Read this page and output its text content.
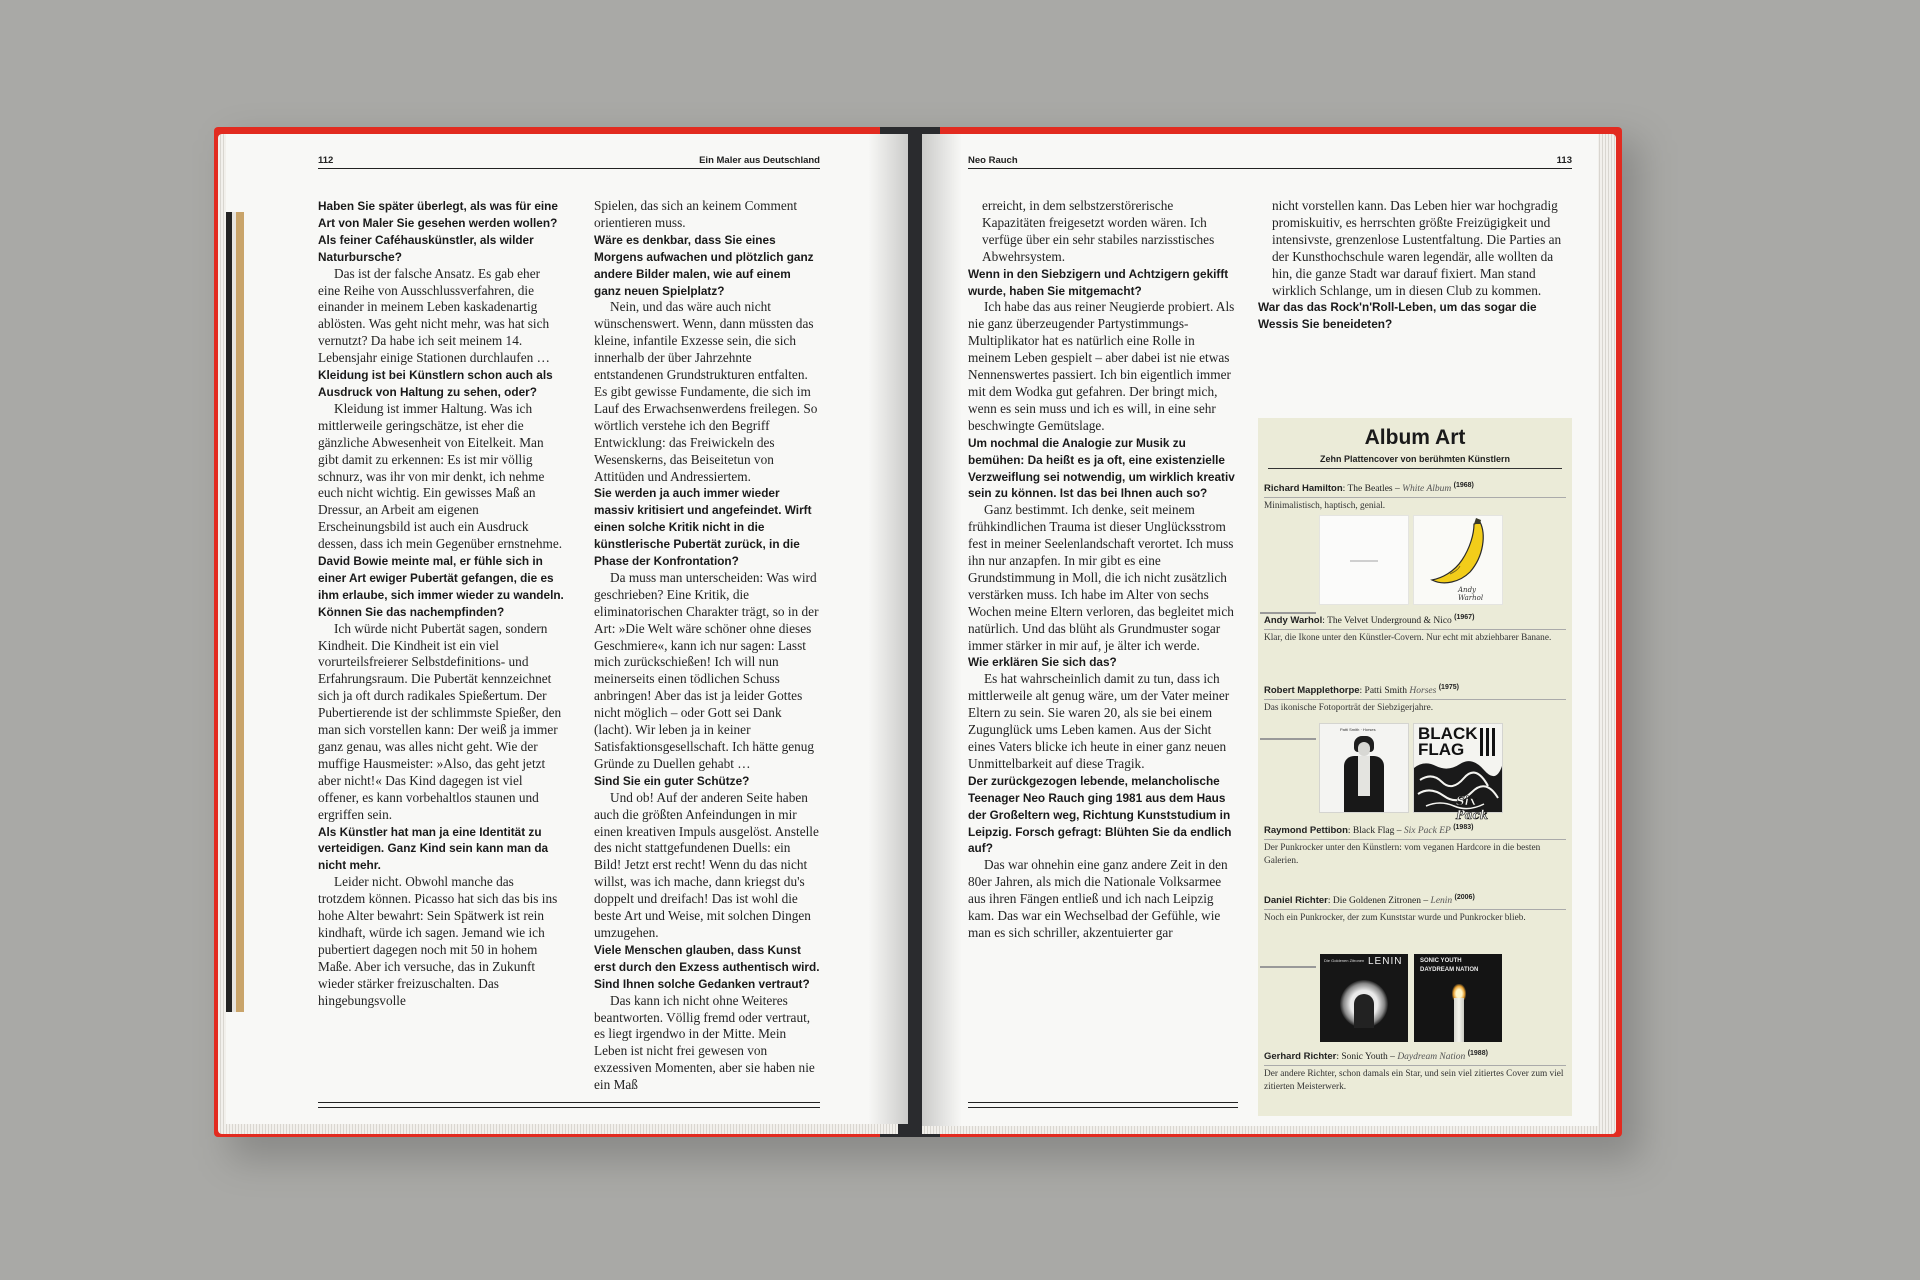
112	Ein Maler aus Deutschland

Haben Sie später überlegt, als was für eine Art von Maler Sie gesehen werden wollen? Als feiner Caféhauskünstler, als wilder Naturbursche?

Das ist der falsche Ansatz. Es gab eher eine Reihe von Ausschlussverfahren, die einander in meinem Leben kaskadenartig ablösten. Was geht nicht mehr, was hat sich vernutzt? Da habe ich seit meinem 14. Lebensjahr einige Stationen durchlaufen …

Kleidung ist bei Künstlern schon auch als Ausdruck von Haltung zu sehen, oder?

Kleidung ist immer Haltung. Was ich mittlerweile geringschätze, ist eher die gänzliche Abwesenheit von Eitelkeit. Man gibt damit zu erkennen: Es ist mir völlig schnurz, was ihr von mir denkt, ich nehme euch nicht wichtig. Ein gewisses Maß an Dressur, an Arbeit am eigenen Erscheinungsbild ist auch ein Ausdruck dessen, dass ich mein Gegenüber ernstnehme.

David Bowie meinte mal, er fühle sich in einer Art ewiger Pubertät gefangen, die es ihm erlaube, sich immer wieder zu wandeln. Können Sie das nachempfinden?

Ich würde nicht Pubertät sagen, sondern Kindheit. Die Kindheit ist ein viel vorurteilsfreierer Selbstdefinitions- und Erfahrungsraum. Die Pubertät kennzeichnet sich ja oft durch radikales Spießertum. Der Pubertierende ist der schlimmste Spießer, den man sich vorstellen kann: Der weiß ja immer ganz genau, was alles nicht geht. Wie der muffige Hausmeister: »Also, das geht jetzt aber nicht!« Das Kind dagegen ist viel offener, es kann vorbehaltlos staunen und ergriffen sein.

Als Künstler hat man ja eine Identität zu verteidigen. Ganz Kind sein kann man da nicht mehr.

Leider nicht. Obwohl manche das trotzdem können. Picasso hat sich das bis ins hohe Alter bewahrt: Sein Spätwerk ist rein kindhaft, würde ich sagen. Jemand wie ich pubertiert dagegen noch mit 50 in hohem Maße. Aber ich versuche, das in Zukunft wieder stärker freizuschalten. Das hingebungsvolle

Spielen, das sich an keinem Comment orientieren muss.

Wäre es denkbar, dass Sie eines Morgens aufwachen und plötzlich ganz andere Bilder malen, wie auf einem ganz neuen Spielplatz?

Nein, und das wäre auch nicht wünschenswert. Wenn, dann müssten das kleine, infantile Exzesse sein, die sich innerhalb der über Jahrzehnte entstandenen Grundstrukturen entfalten. Es gibt gewisse Fundamente, die sich im Lauf des Erwachsenwerdens freilegen. So wörtlich verstehe ich den Begriff Entwicklung: das Freiwickeln des Wesenskerns, das Beiseitetun von Attitüden und Andressiertem.

Sie werden ja auch immer wieder massiv kritisiert und angefeindet. Wirft einen solche Kritik nicht in die künstlerische Pubertät zurück, in die Phase der Konfrontation?

Da muss man unterscheiden: Was wird geschrieben? Eine Kritik, die eliminatorischen Charakter trägt, so in der Art: »Die Welt wäre schöner ohne dieses Geschmiere«, kann ich nur sagen: Lasst mich zurückschießen! Ich will nun meinerseits einen tödlichen Schuss anbringen! Aber das ist ja leider Gottes nicht möglich – oder Gott sei Dank (lacht). Wir leben ja in keiner Satisfaktionsgesellschaft. Ich hätte genug Gründe zu Duellen gehabt …

Sind Sie ein guter Schütze?

Und ob! Auf der anderen Seite haben auch die größten Anfeindungen in mir einen kreativen Impuls ausgelöst. Anstelle des nicht stattgefundenen Duells: ein Bild! Jetzt erst recht! Wenn du das nicht willst, was ich mache, dann kriegst du's doppelt und dreifach! Das ist wohl die beste Art und Weise, mit solchen Dingen umzugehen.

Viele Menschen glauben, dass Kunst erst durch den Exzess authentisch wird. Sind Ihnen solche Gedanken vertraut?

Das kann ich nicht ohne Weiteres beantworten. Völlig fremd oder vertraut, es liegt irgendwo in der Mitte. Mein Leben ist nicht frei gewesen von exzessiven Momenten, aber sie haben nie ein Maß

Neo Rauch	113

erreicht, in dem selbstzerstörerische Kapazitäten freigesetzt worden wären. Ich verfüge über ein sehr stabiles narzisstisches Abwehrsystem.

Wenn in den Siebzigern und Achtzigern gekifft wurde, haben Sie mitgemacht?

Ich habe das aus reiner Neugierde probiert. Als nie ganz überzeugender Partystimmungs-Multiplikator hat es natürlich eine Rolle in meinem Leben gespielt – aber dabei ist nie etwas Nennenswertes passiert. Ich bin eigentlich immer mit dem Wodka gut gefahren. Der bringt mich, wenn es sein muss und ich es will, in eine sehr beschwingte Gemütslage.

Um nochmal die Analogie zur Musik zu bemühen: Da heißt es ja oft, eine existenzielle Verzweiflung sei notwendig, um wirklich kreativ sein zu können. Ist das bei Ihnen auch so?

Ganz bestimmt. Ich denke, seit meinem frühkindlichen Trauma ist dieser Unglücksstrom fest in meiner Seelenlandschaft verortet. Ich muss ihn nur anzapfen. In mir gibt es eine Grundstimmung in Moll, die ich nicht zusätzlich verstärken muss. Ich habe im Alter von sechs Wochen meine Eltern verloren, das begleitet mich natürlich. Und das blüht als Grundmuster sogar immer stärker in mir auf, je älter ich werde.

Wie erklären Sie sich das?

Es hat wahrscheinlich damit zu tun, dass ich mittlerweile alt genug wäre, um der Vater meiner Eltern zu sein. Sie waren 20, als sie bei einem Zugunglück ums Leben kamen. Aus der Sicht eines Vaters blicke ich heute in einer ganz neuen Unmittelbarkeit auf diese Tragik.

Der zurückgezogen lebende, melancholische Teenager Neo Rauch ging 1981 aus dem Haus der Großeltern weg, Richtung Kunststudium in Leipzig. Forsch gefragt: Blühten Sie da endlich auf?

Das war ohnehin eine ganz andere Zeit in den 80er Jahren, als mich die Nationale Volksarmee aus ihren Fängen entließ und ich nach Leipzig kam. Das war ein Wechselbad der Gefühle, wie man es sich schriller, akzentuierter gar

nicht vorstellen kann. Das Leben hier war hochgradig promiskuitiv, es herrschten größte Freizügigkeit und intensivste, grenzenlose Lustentfaltung. Die Parties an der Kunsthochschule waren legendär, alle wollten da hin, die ganze Stadt war darauf fixiert. Man stand wirklich Schlange, um in diesen Club zu kommen.

War das das Rock'n'Roll-Leben, um das sogar die Wessis Sie beneideten?

Album Art
Zehn Plattencover von berühmten Künstlern
Richard Hamilton: The Beatles – White Album $^{(1968)}$
Minimalistisch, haptisch, genial.
Andy Warhol
Andy Warhol: The Velvet Underground & Nico $^{(1967)}$
Klar, die Ikone unter den Künstler-Covern. Nur echt mit abziehbarer Banane.
Robert Mapplethorpe: Patti Smith Horses $^{(1975)}$
Das ikonische Fotoporträt der Siebzigerjahre.
Patti Smith · Horses BLACK FLAG
Six Pack
Raymond Pettibon: Black Flag – Six Pack EP $^{(1983)}$
Der Punkrocker unter den Künstlern: vom veganen Hardcore in die besten Galerien.
Daniel Richter: Die Goldenen Zitronen – Lenin $^{(2006)}$
Noch ein Punkrocker, der zum Kunststar wurde und Punkrocker blieb.
Die Goldenen Zitronen LENIN	SONIC YOUTH
DAYDREAM NATION
Gerhard Richter: Sonic Youth – Daydream Nation $^{(1988)}$
Der andere Richter, schon damals ein Star, und sein viel zitiertes Cover zum viel zitierten Meisterwerk.
